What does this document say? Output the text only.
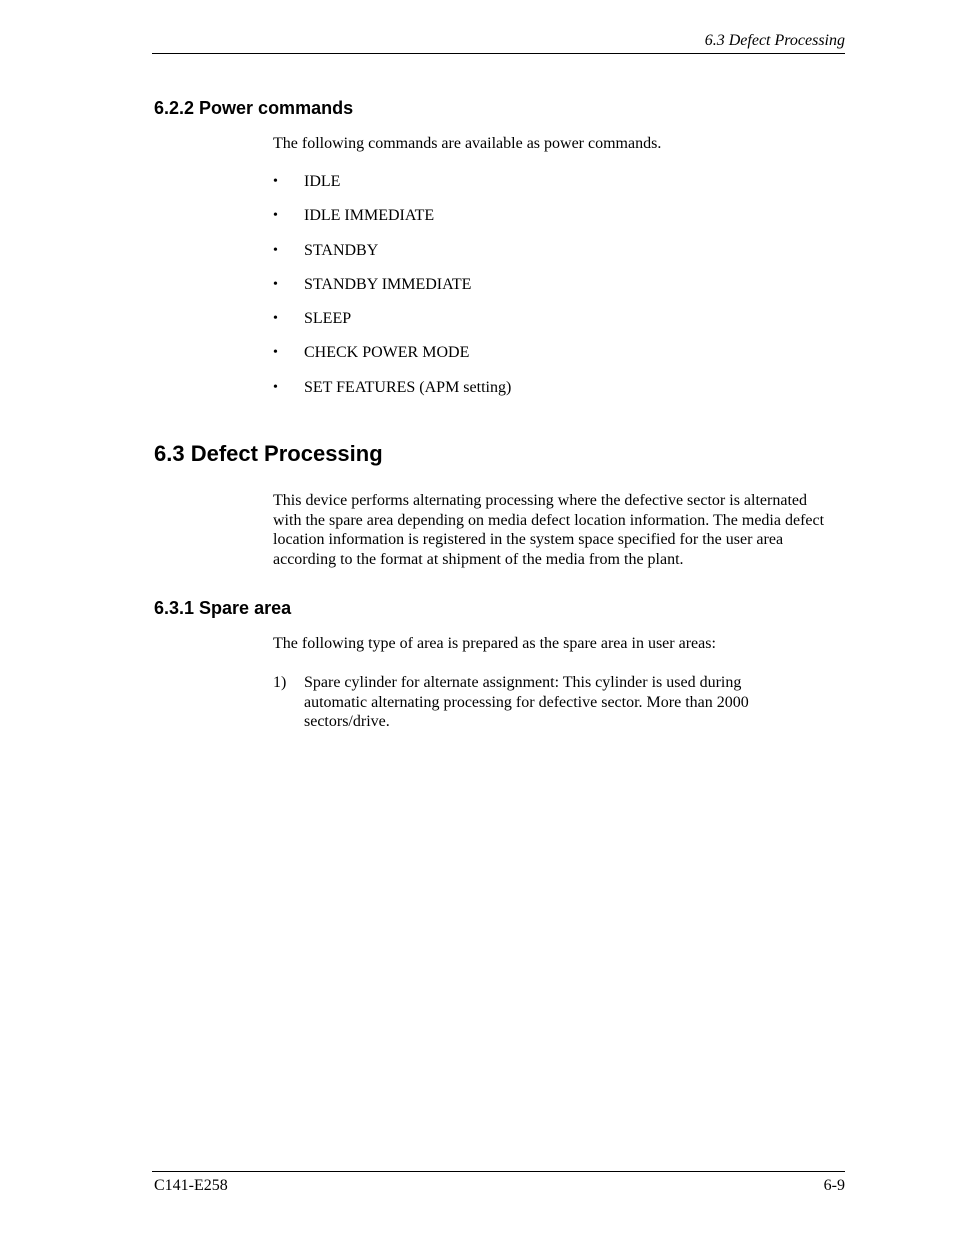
6.3 Defect Processing
6.2.2 Power commands

The following commands are available as power commands.

•	IDLE
•	IDLE IMMEDIATE
•	STANDBY
•	STANDBY IMMEDIATE
•	SLEEP
•	CHECK POWER MODE
•	SET FEATURES (APM setting)
6.3 Defect Processing

This device performs alternating processing where the defective sector is alternated with the spare area depending on media defect location information. The media defect location information is registered in the system space specified for the user area according to the format at shipment of the media from the plant.

6.3.1 Spare area

The following type of area is prepared as the spare area in user areas:

1) Spare cylinder for alternate assignment: This cylinder is used during automatic alternating processing for defective sector. More than 2000 sectors/drive.
C141-E258	6-9
